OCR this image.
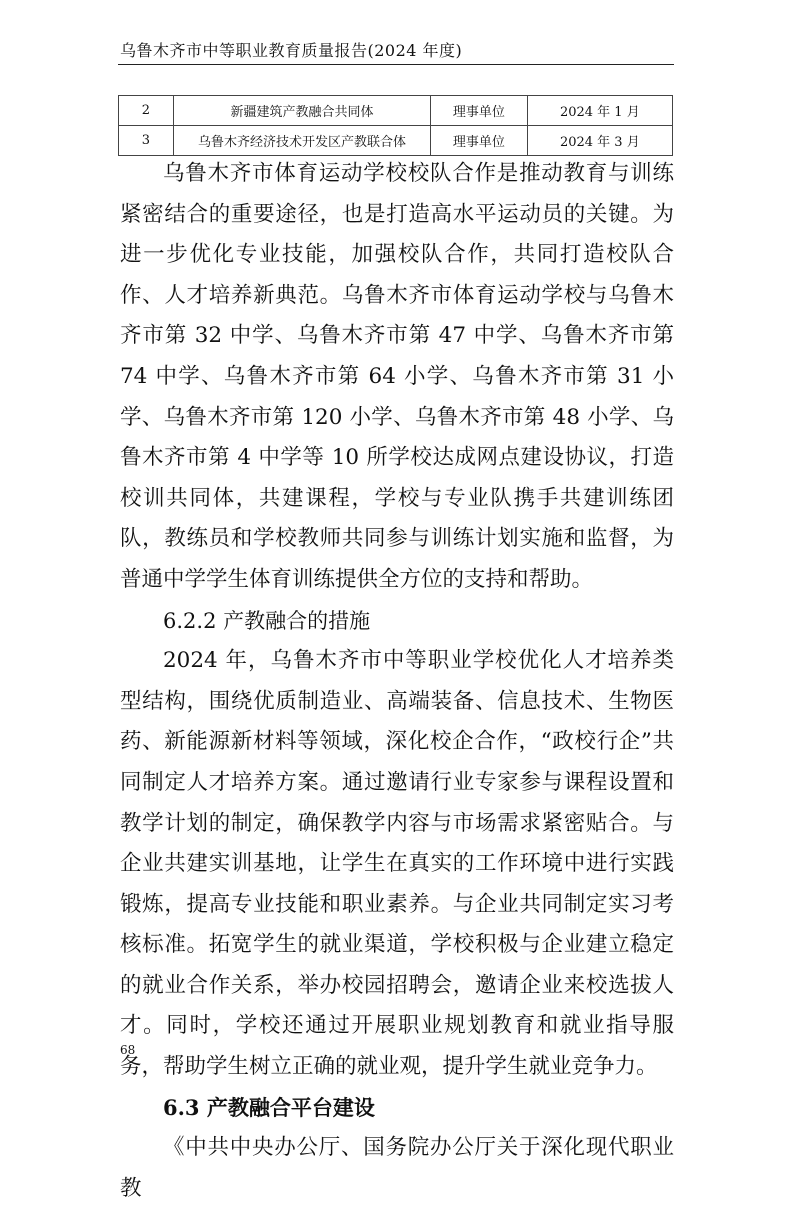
乌鲁木齐市中等职业教育质量报告(2024 年度)
2	新疆建筑产教融合共同体	理事单位	2024 年 1 月
3	乌鲁木齐经济技术开发区产教联合体	理事单位	2024 年 3 月

乌鲁木齐市体育运动学校校队合作是推动教育与训练紧密结合的重要途径，也是打造高水平运动员的关键。为进一步优化专业技能，加强校队合作，共同打造校队合作、人才培养新典范。乌鲁木齐市体育运动学校与乌鲁木齐市第 32 中学、乌鲁木齐市第 47 中学、乌鲁木齐市第 74 中学、乌鲁木齐市第 64 小学、乌鲁木齐市第 31 小学、乌鲁木齐市第 120 小学、乌鲁木齐市第 48 小学、乌鲁木齐市第 4 中学等 10 所学校达成网点建设协议，打造校训共同体，共建课程，学校与专业队携手共建训练团队，教练员和学校教师共同参与训练计划实施和监督，为普通中学学生体育训练提供全方位的支持和帮助。

6.2.2 产教融合的措施

2024 年，乌鲁木齐市中等职业学校优化人才培养类型结构，围绕优质制造业、高端装备、信息技术、生物医药、新能源新材料等领域，深化校企合作，“政校行企”共同制定人才培养方案。通过邀请行业专家参与课程设置和教学计划的制定，确保教学内容与市场需求紧密贴合。与企业共建实训基地，让学生在真实的工作环境中进行实践锻炼，提高专业技能和职业素养。与企业共同制定实习考核标准。拓宽学生的就业渠道，学校积极与企业建立稳定的就业合作关系，举办校园招聘会，邀请企业来校选拔人才。同时，学校还通过开展职业规划教育和就业指导服务，帮助学生树立正确的就业观，提升学生就业竞争力。

6.3 产教融合平台建设

《中共中央办公厅、国务院办公厅关于深化现代职业教

68
